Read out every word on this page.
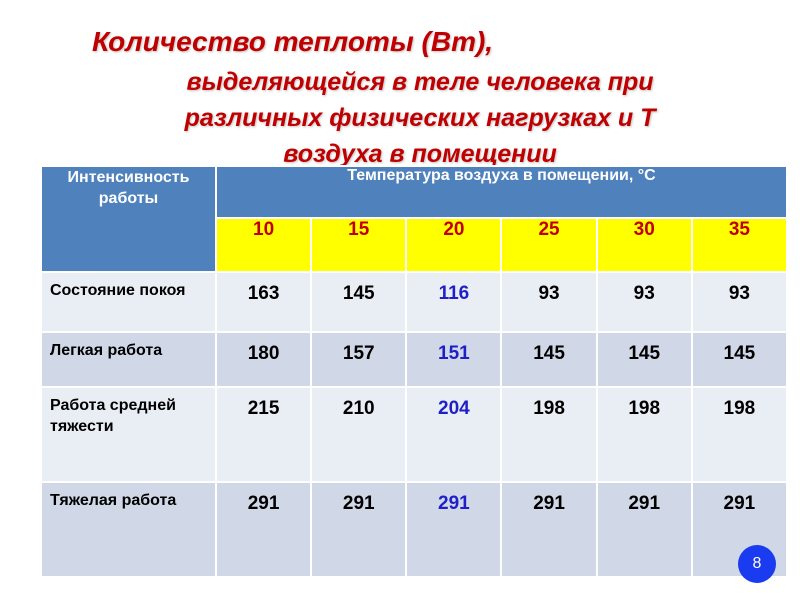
Количество теплоты (Вт),
выделяющейся в теле человека при
различных физических нагрузках и Т
воздуха в помещении
Интенсивность работы	Температура воздуха в помещении, °С					
	10	15	20	25	30	35
Состояние покоя	163	145	116	93	93	93
Легкая работа	180	157	151	145	145	145
Работа средней тяжести	215	210	204	198	198	198
Тяжелая работа	291	291	291	291	291	291
8
